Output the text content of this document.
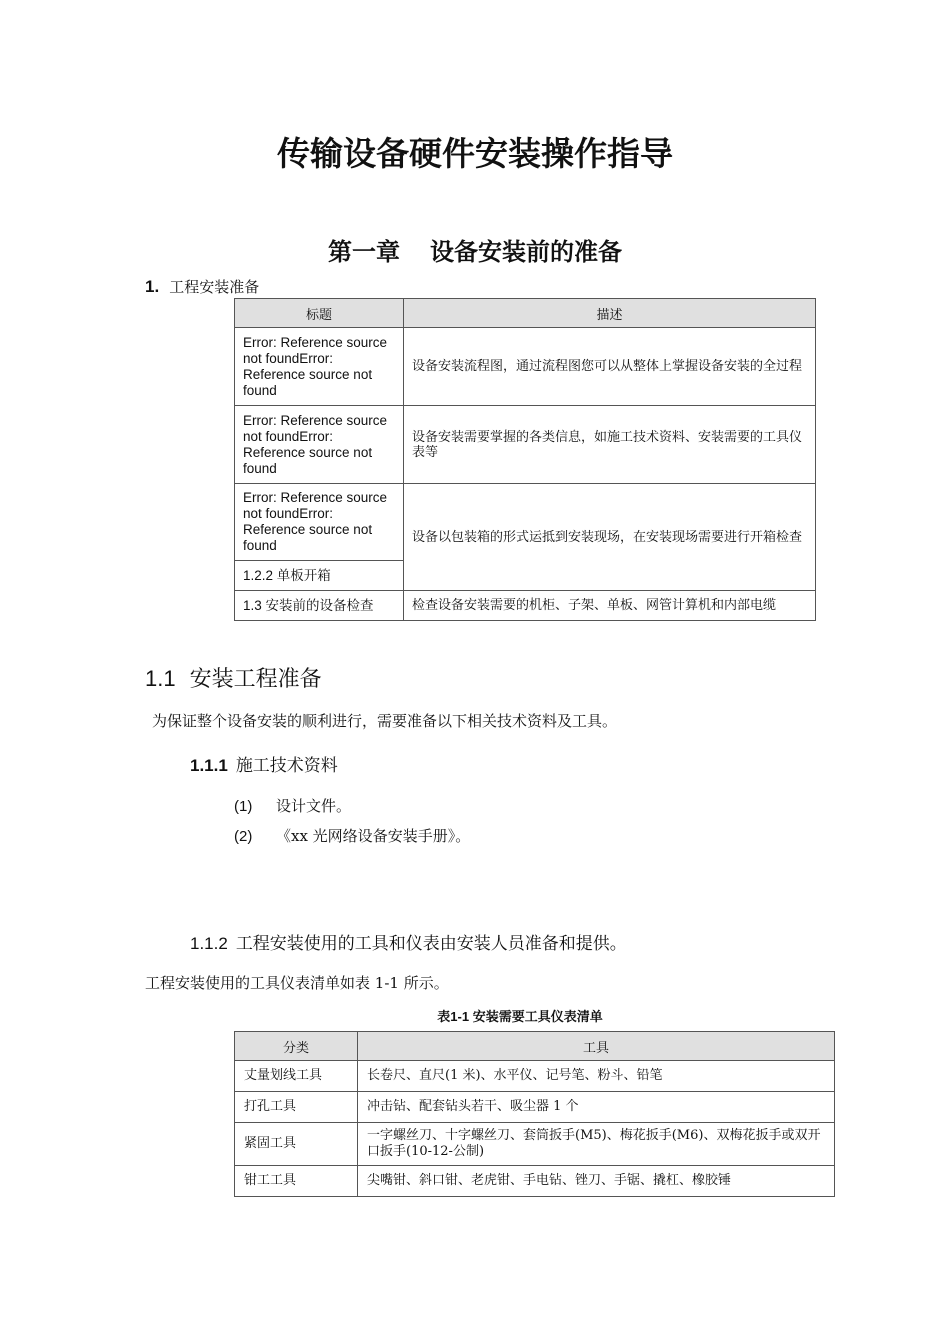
传输设备硬件安装操作指导
第一章 设备安装前的准备
1. 工程安装准备
标题	描述
Error: Reference source not foundError: Reference source not found	设备安装流程图，通过流程图您可以从整体上掌握设备安装的全过程
Error: Reference source not foundError: Reference source not found	设备安装需要掌握的各类信息，如施工技术资料、安装需要的工具仪表等
Error: Reference source not foundError: Reference source not found	设备以包装箱的形式运抵到安装现场，在安装现场需要进行开箱检查
1.2.2 单板开箱	
1.3 安装前的设备检查	检查设备安装需要的机柜、子架、单板、网管计算机和内部电缆
1.1 安装工程准备
为保证整个设备安装的顺利进行，需要准备以下相关技术资料及工具。
1.1.1 施工技术资料
(1) 设计文件。
(2) 《xx 光网络设备安装手册》。
1.1.2 工程安装使用的工具和仪表由安装人员准备和提供。
工程安装使用的工具仪表清单如表 1-1 所示。
表1-1 安装需要工具仪表清单
分类	工具
丈量划线工具	长卷尺、直尺(1 米)、水平仪、记号笔、粉斗、铅笔
打孔工具	冲击钻、配套钻头若干、吸尘器 1 个
紧固工具	一字螺丝刀、十字螺丝刀、套筒扳手(M5)、梅花扳手(M6)、双梅花扳手或双开口扳手(10-12-公制)
钳工工具	尖嘴钳、斜口钳、老虎钳、手电钻、锉刀、手锯、撬杠、橡胶锤
